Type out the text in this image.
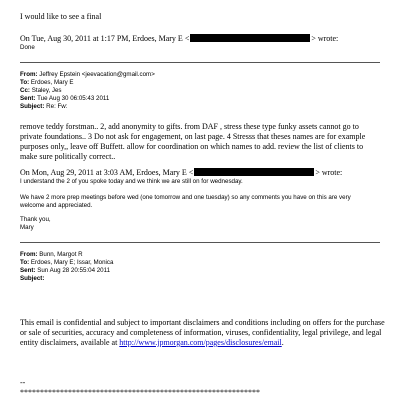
I would like to see a final
On Tue, Aug 30, 2011 at 1:17 PM, Erdoes, Mary E <	> wrote:
Done
From: Jeffrey Epstein <jeevacation@gmail.com>
To: Erdoes, Mary E
Cc: Staley, Jes
Sent: Tue Aug 30 06:05:43 2011
Subject: Re: Fw:
remove teddy forstman.. 2, add anonymity to gifts. from DAF , stress these type funky assets cannot go to
private foundations.. 3 Do not ask for engagement, on last page. 4 Stresss that theses names are for example
purposes only,, leave off Buffett. allow for coordination on which names to add. review the list of clients to
make sure politically correct..
On Mon, Aug 29, 2011 at 3:03 AM, Erdoes, Mary E <	> wrote:
I understand the 2 of you spoke today and we think we are still on for wednesday.
We have 2 more prep meetings before wed (one tomorrow and one tuesday) so any comments you have on this are very
welcome and appreciated.
Thank you,
Mary
From: Bunn, Margot R
To: Erdoes, Mary E; Issar, Monica
Sent: Sun Aug 28 20:55:04 2011
Subject:
This email is confidential and subject to important disclaimers and conditions including on offers for the purchase
or sale of securities, accuracy and completeness of information, viruses, confidentiality, legal privilege, and legal
entity disclaimers, available at http://www.jpmorgan.com/pages/disclosures/email.
--
************************************************************
